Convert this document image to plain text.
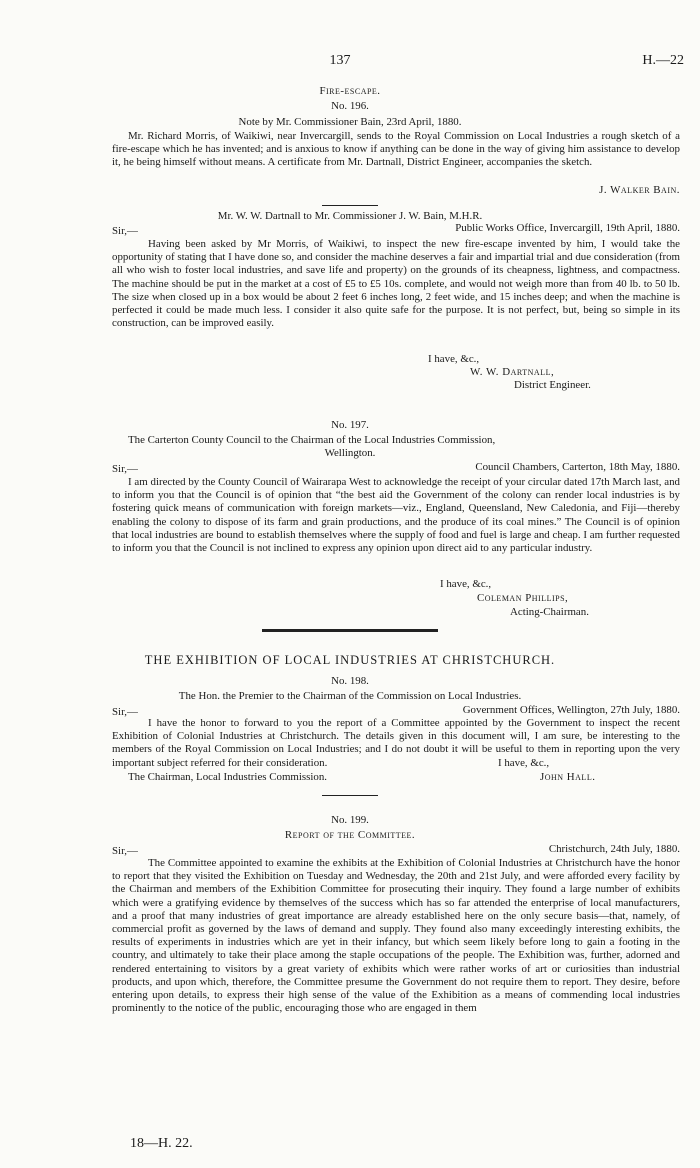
137	H.—22
Fire-escape.
No. 196.
Note by Mr. Commissioner Bain, 23rd April, 1880.

Mr. Richard Morris, of Waikiwi, near Invercargill, sends to the Royal Commission on Local Industries a rough sketch of a fire-escape which he has invented; and is anxious to know if anything can be done in the way of giving him assistance to develop it, he being himself without means. A certificate from Mr. Dartnall, District Engineer, accompanies the sketch.

J. Walker Bain.
Mr. W. W. Dartnall to Mr. Commissioner J. W. Bain, M.H.R.
Sir,—	Public Works Office, Invercargill, 19th April, 1880.

Having been asked by Mr Morris, of Waikiwi, to inspect the new fire-escape invented by him, I would take the opportunity of stating that I have done so, and consider the machine deserves a fair and impartial trial and due consideration (from all who wish to foster local industries, and save life and property) on the grounds of its cheapness, lightness, and compactness. The machine should be put in the market at a cost of £5 to £5 10s. complete, and would not weigh more than from 40 lb. to 50 lb. The size when closed up in a box would be about 2 feet 6 inches long, 2 feet wide, and 15 inches deep; and when the machine is perfected it could be made much less. I consider it also quite safe for the purpose. It is not perfect, but, being so simple in its construction, can be improved easily.

I have, &c.,
W. W. Dartnall,
District Engineer.
No. 197.
The Carterton County Council to the Chairman of the Local Industries Commission,
Wellington.
Sir,—	Council Chambers, Carterton, 18th May, 1880.

I am directed by the County Council of Wairarapa West to acknowledge the receipt of your circular dated 17th March last, and to inform you that the Council is of opinion that “the best aid the Government of the colony can render local industries is by fostering quick means of communication with foreign markets—viz., England, Queensland, New Caledonia, and Fiji—thereby enabling the colony to dispose of its farm and grain productions, and the produce of its coal mines.” The Council is of opinion that local industries are bound to establish themselves where the supply of food and fuel is large and cheap. I am further requested to inform you that the Council is not inclined to express any opinion upon direct aid to any particular industry.

I have, &c.,
Coleman Phillips,
Acting-Chairman.
THE EXHIBITION OF LOCAL INDUSTRIES AT CHRISTCHURCH.
No. 198.
The Hon. the Premier to the Chairman of the Commission on Local Industries.
Sir,—	Government Offices, Wellington, 27th July, 1880.

I have the honor to forward to you the report of a Committee appointed by the Government to inspect the recent Exhibition of Colonial Industries at Christchurch. The details given in this document will, I am sure, be interesting to the members of the Royal Commission on Local Industries; and I do not doubt it will be useful to them in reporting upon the very important subject referred for their consideration.	I have, &c.,
The Chairman, Local Industries Commission.	John Hall.
No. 199.
Report of the Committee.
Sir,—	Christchurch, 24th July, 1880.

The Committee appointed to examine the exhibits at the Exhibition of Colonial Industries at Christchurch have the honor to report that they visited the Exhibition on Tuesday and Wednesday, the 20th and 21st July, and were afforded every facility by the Chairman and members of the Exhibition Committee for prosecuting their inquiry. They found a large number of exhibits which were a gratifying evidence by themselves of the success which has so far attended the enterprise of local manufacturers, and a proof that many industries of great importance are already established here on the only secure basis—that, namely, of commercial profit as governed by the laws of demand and supply. They found also many exceedingly interesting exhibits, the results of experiments in industries which are yet in their infancy, but which seem likely before long to gain a footing in the country, and ultimately to take their place among the staple occupations of the people. The Exhibition was, further, adorned and rendered entertaining to visitors by a great variety of exhibits which were rather works of art or curiosities than industrial products, and upon which, therefore, the Committee presume the Government do not require them to report. They desire, before entering upon details, to express their high sense of the value of the Exhibition as a means of commending local industries prominently to the notice of the public, encouraging those who are engaged in them

18—H. 22.
